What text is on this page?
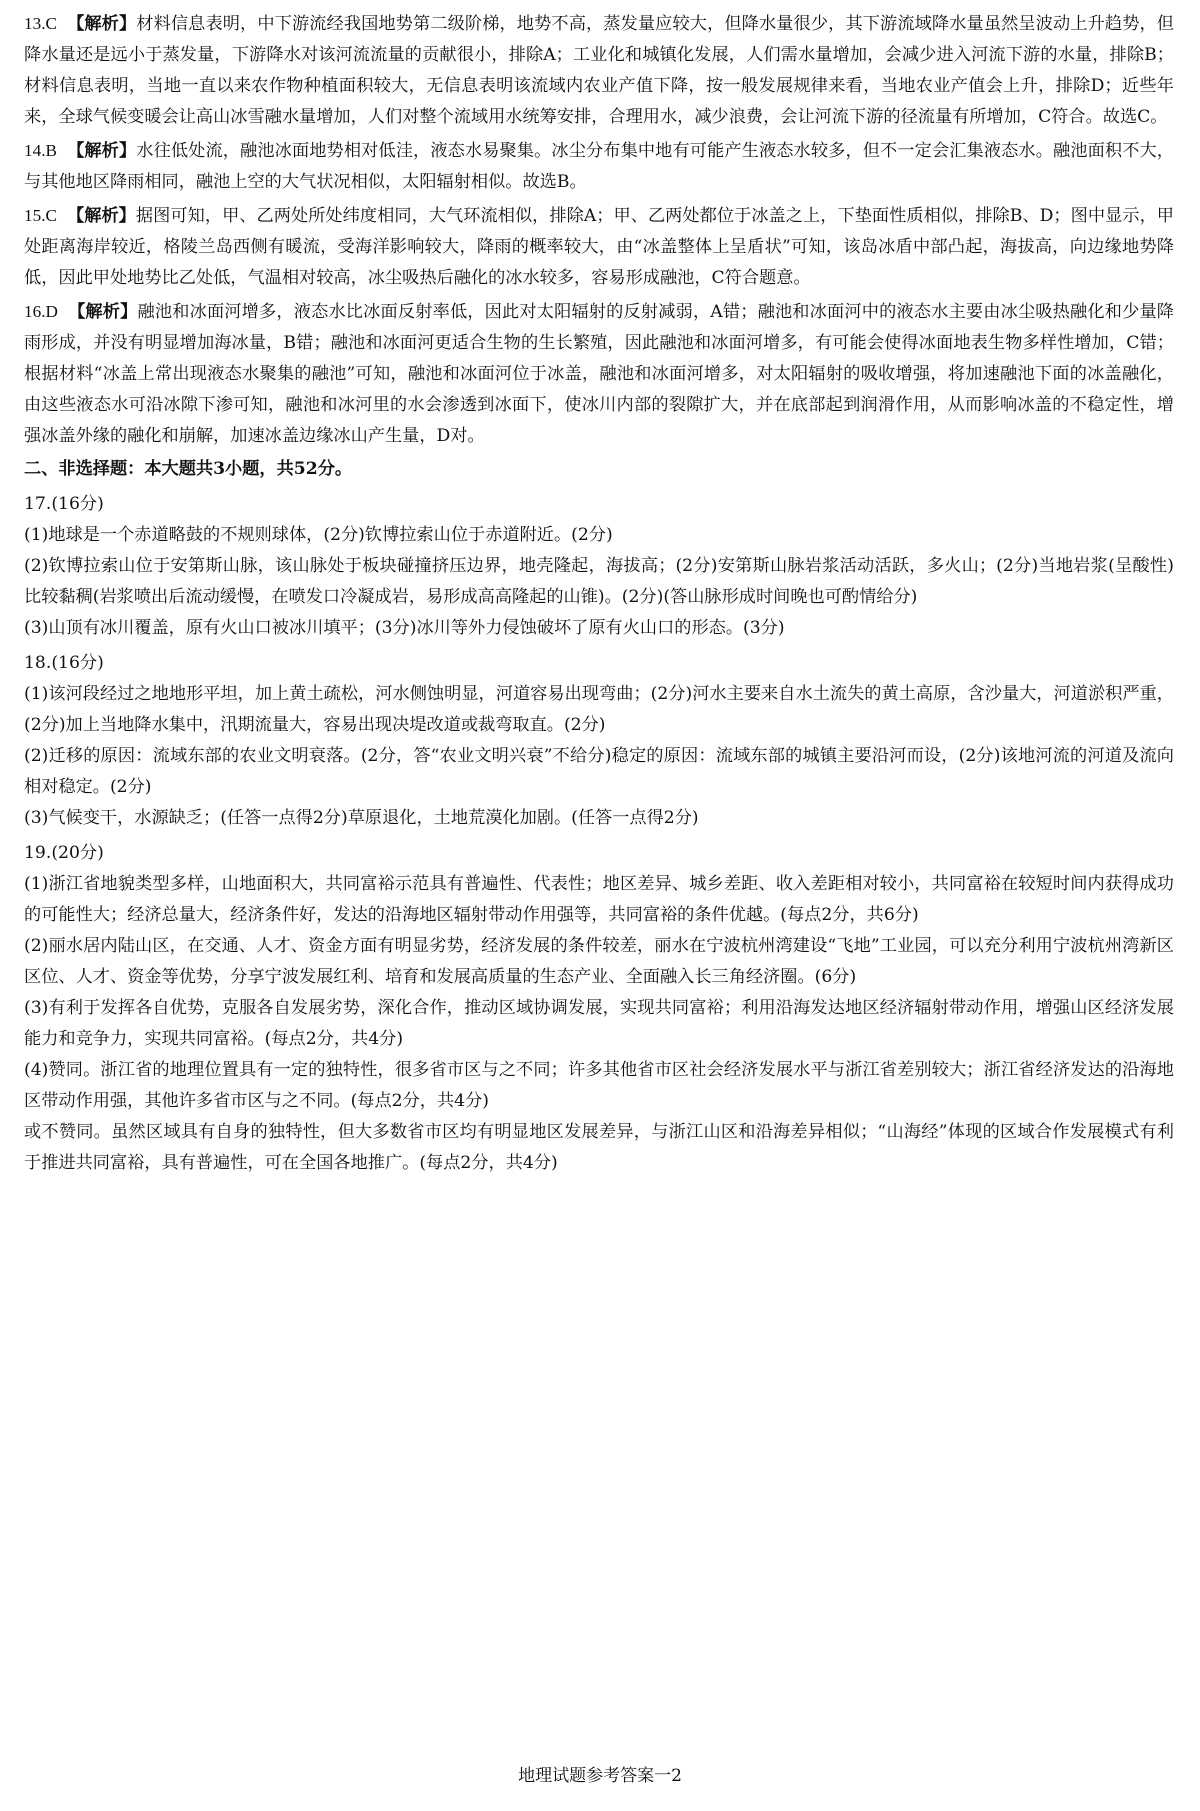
13.C 【解析】材料信息表明，中下游流经我国地势第二级阶梯，地势不高，蒸发量应较大，但降水量很少，其下游流域降水量虽然呈波动上升趋势，但降水量还是远小于蒸发量，下游降水对该河流流量的贡献很小，排除A；工业化和城镇化发展，人们需水量增加，会减少进入河流下游的水量，排除B；材料信息表明，当地一直以来农作物种植面积较大，无信息表明该流域内农业产值下降，按一般发展规律来看，当地农业产值会上升，排除D；近些年来，全球气候变暖会让高山冰雪融水量增加，人们对整个流域用水统筹安排，合理用水，减少浪费，会让河流下游的径流量有所增加，C符合。故选C。

14.B 【解析】水往低处流，融池冰面地势相对低洼，液态水易聚集。冰尘分布集中地有可能产生液态水较多，但不一定会汇集液态水。融池面积不大，与其他地区降雨相同，融池上空的大气状况相似，太阳辐射相似。故选B。

15.C 【解析】据图可知，甲、乙两处所处纬度相同，大气环流相似，排除A；甲、乙两处都位于冰盖之上，下垫面性质相似，排除B、D；图中显示，甲处距离海岸较近，格陵兰岛西侧有暖流，受海洋影响较大，降雨的概率较大，由“冰盖整体上呈盾状”可知，该岛冰盾中部凸起，海拔高，向边缘地势降低，因此甲处地势比乙处低，气温相对较高，冰尘吸热后融化的冰水较多，容易形成融池，C符合题意。

16.D 【解析】融池和冰面河增多，液态水比冰面反射率低，因此对太阳辐射的反射减弱，A错；融池和冰面河中的液态水主要由冰尘吸热融化和少量降雨形成，并没有明显增加海冰量，B错；融池和冰面河更适合生物的生长繁殖，因此融池和冰面河增多，有可能会使得冰面地表生物多样性增加，C错；根据材料“冰盖上常出现液态水聚集的融池”可知，融池和冰面河位于冰盖，融池和冰面河增多，对太阳辐射的吸收增强，将加速融池下面的冰盖融化，由这些液态水可沿冰隙下渗可知，融池和冰河里的水会渗透到冰面下，使冰川内部的裂隙扩大，并在底部起到润滑作用，从而影响冰盖的不稳定性，增强冰盖外缘的融化和崩解，加速冰盖边缘冰山产生量，D对。

二、非选择题：本大题共3小题，共52分。

17.(16分)

(1)地球是一个赤道略鼓的不规则球体，(2分)钦博拉索山位于赤道附近。(2分)

(2)钦博拉索山位于安第斯山脉，该山脉处于板块碰撞挤压边界，地壳隆起，海拔高；(2分)安第斯山脉岩浆活动活跃，多火山；(2分)当地岩浆(呈酸性)比较黏稠(岩浆喷出后流动缓慢，在喷发口冷凝成岩，易形成高高隆起的山锥)。(2分)(答山脉形成时间晚也可酌情给分)

(3)山顶有冰川覆盖，原有火山口被冰川填平；(3分)冰川等外力侵蚀破坏了原有火山口的形态。(3分)

18.(16分)

(1)该河段经过之地地形平坦，加上黄土疏松，河水侧蚀明显，河道容易出现弯曲；(2分)河水主要来自水土流失的黄土高原，含沙量大，河道淤积严重，(2分)加上当地降水集中，汛期流量大，容易出现决堤改道或裁弯取直。(2分)

(2)迁移的原因：流域东部的农业文明衰落。(2分，答“农业文明兴衰”不给分)稳定的原因：流域东部的城镇主要沿河而设，(2分)该地河流的河道及流向相对稳定。(2分)

(3)气候变干，水源缺乏；(任答一点得2分)草原退化，土地荒漠化加剧。(任答一点得2分)

19.(20分)

(1)浙江省地貌类型多样，山地面积大，共同富裕示范具有普遍性、代表性；地区差异、城乡差距、收入差距相对较小，共同富裕在较短时间内获得成功的可能性大；经济总量大，经济条件好，发达的沿海地区辐射带动作用强等，共同富裕的条件优越。(每点2分，共6分)

(2)丽水居内陆山区，在交通、人才、资金方面有明显劣势，经济发展的条件较差，丽水在宁波杭州湾建设“飞地”工业园，可以充分利用宁波杭州湾新区区位、人才、资金等优势，分享宁波发展红利、培育和发展高质量的生态产业、全面融入长三角经济圈。(6分)

(3)有利于发挥各自优势，克服各自发展劣势，深化合作，推动区域协调发展，实现共同富裕；利用沿海发达地区经济辐射带动作用，增强山区经济发展能力和竞争力，实现共同富裕。(每点2分，共4分)

(4)赞同。浙江省的地理位置具有一定的独特性，很多省市区与之不同；许多其他省市区社会经济发展水平与浙江省差别较大；浙江省经济发达的沿海地区带动作用强，其他许多省市区与之不同。(每点2分，共4分)

或不赞同。虽然区域具有自身的独特性，但大多数省市区均有明显地区发展差异，与浙江山区和沿海差异相似；“山海经”体现的区域合作发展模式有利于推进共同富裕，具有普遍性，可在全国各地推广。(每点2分，共4分)

地理试题参考答案一2
